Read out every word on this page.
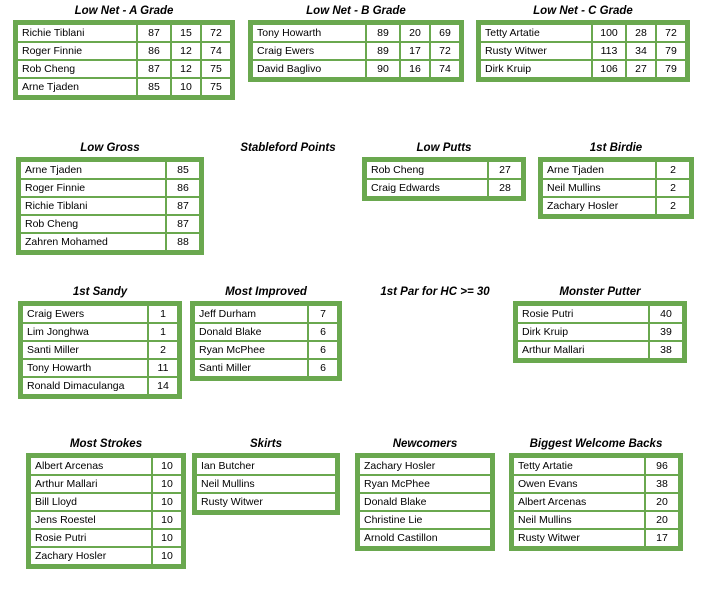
Low Net - A Grade
Richie Tiblani	87	15	72
Roger Finnie	86	12	74
Rob Cheng	87	12	75
Arne Tjaden	85	10	75
Low Net - B Grade
Tony Howarth	89	20	69
Craig Ewers	89	17	72
David Baglivo	90	16	74
Low Net - C Grade
Tetty Artatie	100	28	72
Rusty Witwer	113	34	79
Dirk Kruip	106	27	79
Low Gross
Arne Tjaden	85
Roger Finnie	86
Richie Tiblani	87
Rob Cheng	87
Zahren Mohamed	88
Stableford Points	Low Putts
Rob Cheng	27
Craig Edwards	28
1st Birdie
Arne Tjaden	2
Neil Mullins	2
Zachary Hosler	2
1st Sandy
Craig Ewers	1
Lim Jonghwa	1
Santi Miller	2
Tony Howarth	11
Ronald Dimaculanga	14
Most Improved
Jeff Durham	7
Donald Blake	6
Ryan McPhee	6
Santi Miller	6
1st Par for HC >= 30	Monster Putter
Rosie Putri	40
Dirk Kruip	39
Arthur Mallari	38
Most Strokes
Albert Arcenas	10
Arthur Mallari	10
Bill Lloyd	10
Jens Roestel	10
Rosie Putri	10
Zachary Hosler	10
Skirts
Ian Butcher
Neil Mullins
Rusty Witwer
Newcomers
Zachary Hosler
Ryan McPhee
Donald Blake
Christine Lie
Arnold Castillon
Biggest Welcome Backs
Tetty Artatie	96
Owen Evans	38
Albert Arcenas	20
Neil Mullins	20
Rusty Witwer	17
